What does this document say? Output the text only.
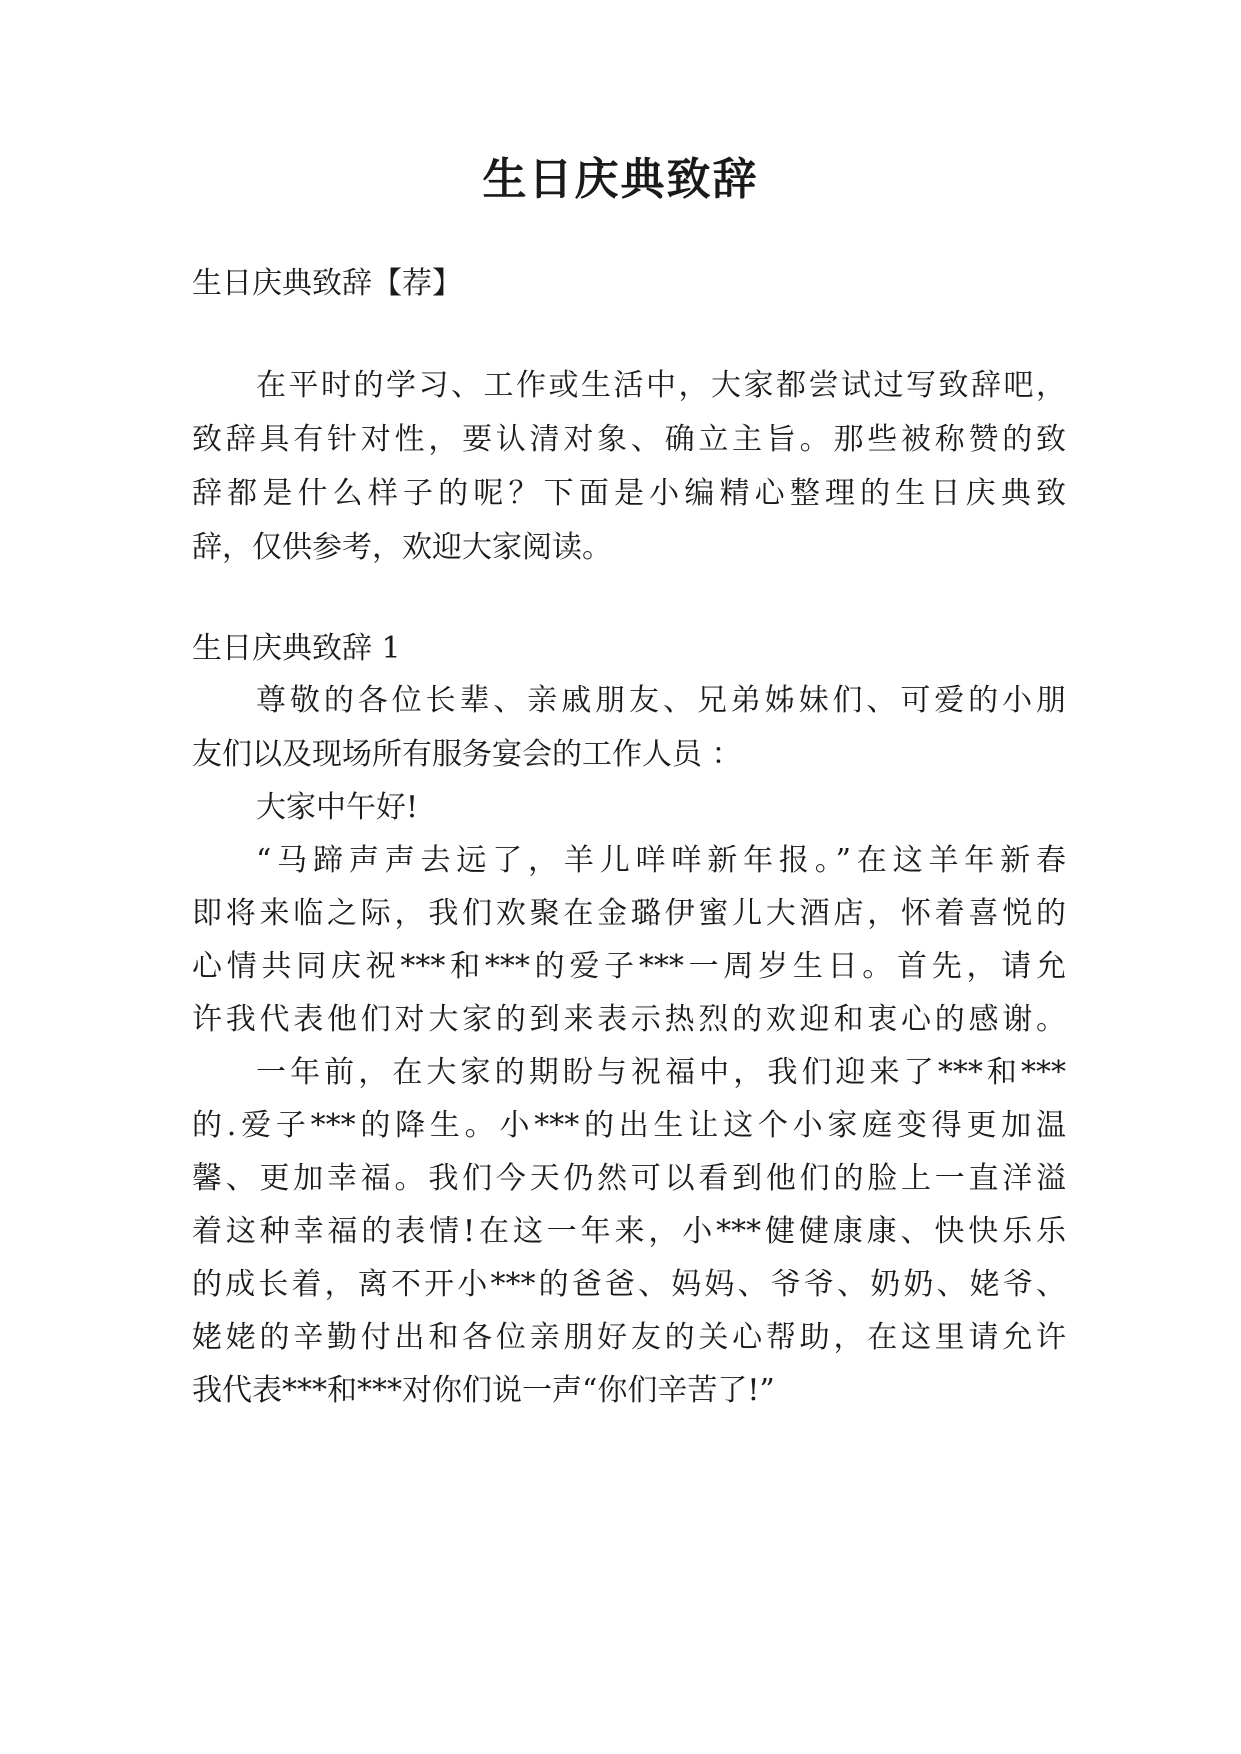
生日庆典致辞

生日庆典致辞【荐】

在平时的学习、工作或生活中，大家都尝试过写致辞吧，

致辞具有针对性，要认清对象、确立主旨。那些被称赞的致

辞都是什么样子的呢？下面是小编精心整理的生日庆典致

辞，仅供参考，欢迎大家阅读。

生日庆典致辞 1

尊敬的各位长辈、亲戚朋友、兄弟姊妹们、可爱的小朋

友们以及现场所有服务宴会的工作人员 ：

大家中午好!

“马蹄声声去远了，羊儿咩咩新年报。”在这羊年新春

即将来临之际，我们欢聚在金璐伊蜜儿大酒店，怀着喜悦的

心情共同庆祝***和***的爱子***一周岁生日。首先，请允

许我代表他们对大家的到来表示热烈的欢迎和衷心的感谢。

一年前，在大家的期盼与祝福中，我们迎来了***和***

的.爱子***的降生。小***的出生让这个小家庭变得更加温

馨、更加幸福。我们今天仍然可以看到他们的脸上一直洋溢

着这种幸福的表情!在这一年来，小***健健康康、快快乐乐

的成长着，离不开小***的爸爸、妈妈、爷爷、奶奶、姥爷、

姥姥的辛勤付出和各位亲朋好友的关心帮助，在这里请允许

我代表***和***对你们说一声“你们辛苦了!”
